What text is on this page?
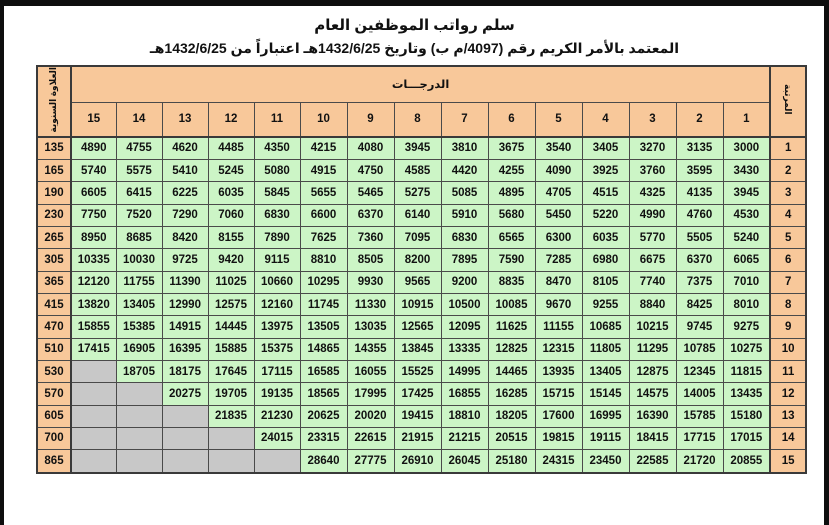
سلم رواتب الموظفين العام
المعتمد بالأمر الكريم رقم (4097/م ب) وتاريخ 1432/6/25هـ اعتباراً من 1432/6/25هـ
العلاوة السنوية	الدرجـــات															المرتبة
	15	14	13	12	11	10	9	8	7	6	5	4	3	2	1	
135	4890	4755	4620	4485	4350	4215	4080	3945	3810	3675	3540	3405	3270	3135	3000	1
165	5740	5575	5410	5245	5080	4915	4750	4585	4420	4255	4090	3925	3760	3595	3430	2
190	6605	6415	6225	6035	5845	5655	5465	5275	5085	4895	4705	4515	4325	4135	3945	3
230	7750	7520	7290	7060	6830	6600	6370	6140	5910	5680	5450	5220	4990	4760	4530	4
265	8950	8685	8420	8155	7890	7625	7360	7095	6830	6565	6300	6035	5770	5505	5240	5
305	10335	10030	9725	9420	9115	8810	8505	8200	7895	7590	7285	6980	6675	6370	6065	6
365	12120	11755	11390	11025	10660	10295	9930	9565	9200	8835	8470	8105	7740	7375	7010	7
415	13820	13405	12990	12575	12160	11745	11330	10915	10500	10085	9670	9255	8840	8425	8010	8
470	15855	15385	14915	14445	13975	13505	13035	12565	12095	11625	11155	10685	10215	9745	9275	9
510	17415	16905	16395	15885	15375	14865	14355	13845	13335	12825	12315	11805	11295	10785	10275	10
530		18705	18175	17645	17115	16585	16055	15525	14995	14465	13935	13405	12875	12345	11815	11
570			20275	19705	19135	18565	17995	17425	16855	16285	15715	15145	14575	14005	13435	12
605				21835	21230	20625	20020	19415	18810	18205	17600	16995	16390	15785	15180	13
700					24015	23315	22615	21915	21215	20515	19815	19115	18415	17715	17015	14
865						28640	27775	26910	26045	25180	24315	23450	22585	21720	20855	15
